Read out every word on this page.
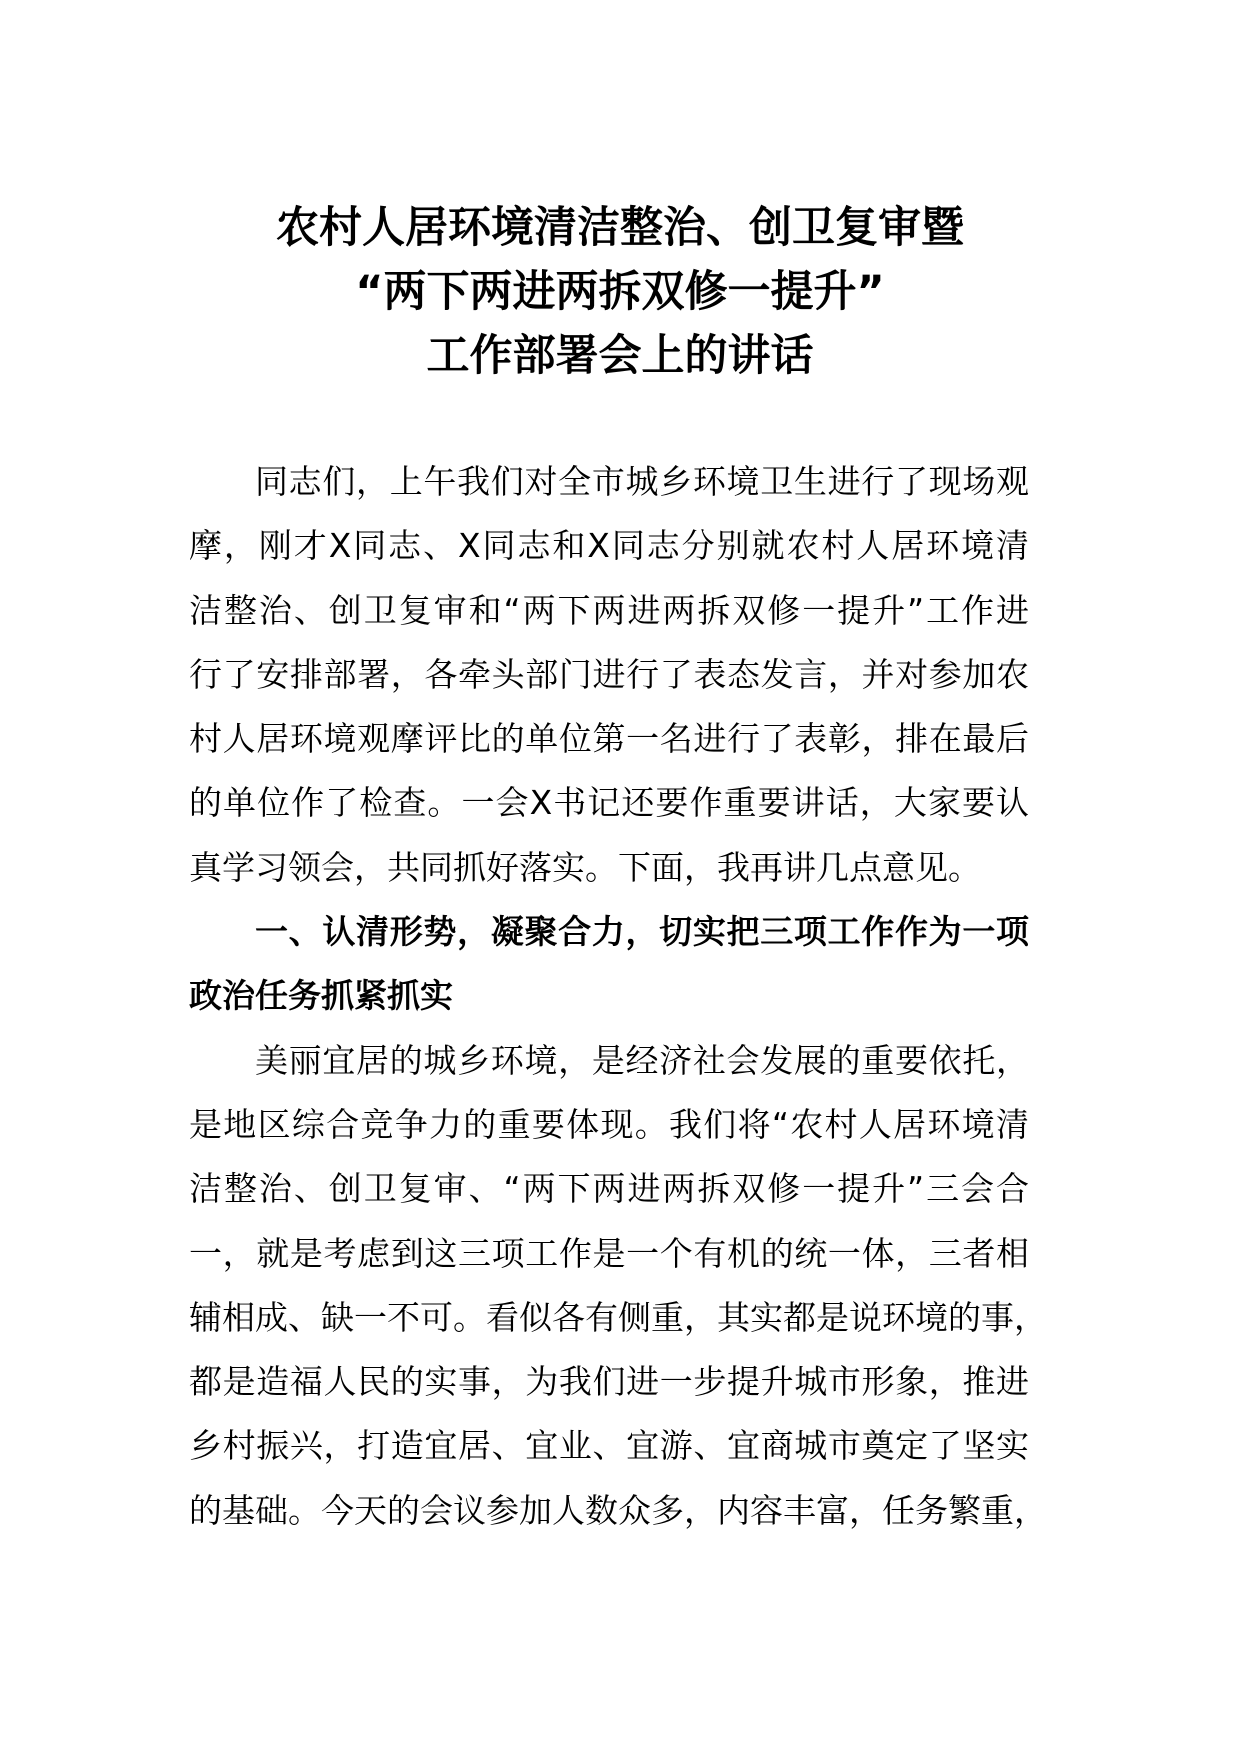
农村人居环境清洁整治、创卫复审暨
“两下两进两拆双修一提升”
工作部署会上的讲话
同志们，上午我们对全市城乡环境卫生进行了现场观
摩，刚才X同志、X同志和X同志分别就农村人居环境清
洁整治、创卫复审和“两下两进两拆双修一提升”工作进
行了安排部署，各牵头部门进行了表态发言，并对参加农
村人居环境观摩评比的单位第一名进行了表彰，排在最后
的单位作了检查。一会X书记还要作重要讲话，大家要认
真学习领会，共同抓好落实。下面，我再讲几点意见。
一、认清形势，凝聚合力，切实把三项工作作为一项
政治任务抓紧抓实
美丽宜居的城乡环境，是经济社会发展的重要依托，
是地区综合竞争力的重要体现。我们将“农村人居环境清
洁整治、创卫复审、“两下两进两拆双修一提升”三会合
一，就是考虑到这三项工作是一个有机的统一体，三者相
辅相成、缺一不可。看似各有侧重，其实都是说环境的事，
都是造福人民的实事，为我们进一步提升城市形象，推进
乡村振兴，打造宜居、宜业、宜游、宜商城市奠定了坚实
的基础。今天的会议参加人数众多，内容丰富，任务繁重，
